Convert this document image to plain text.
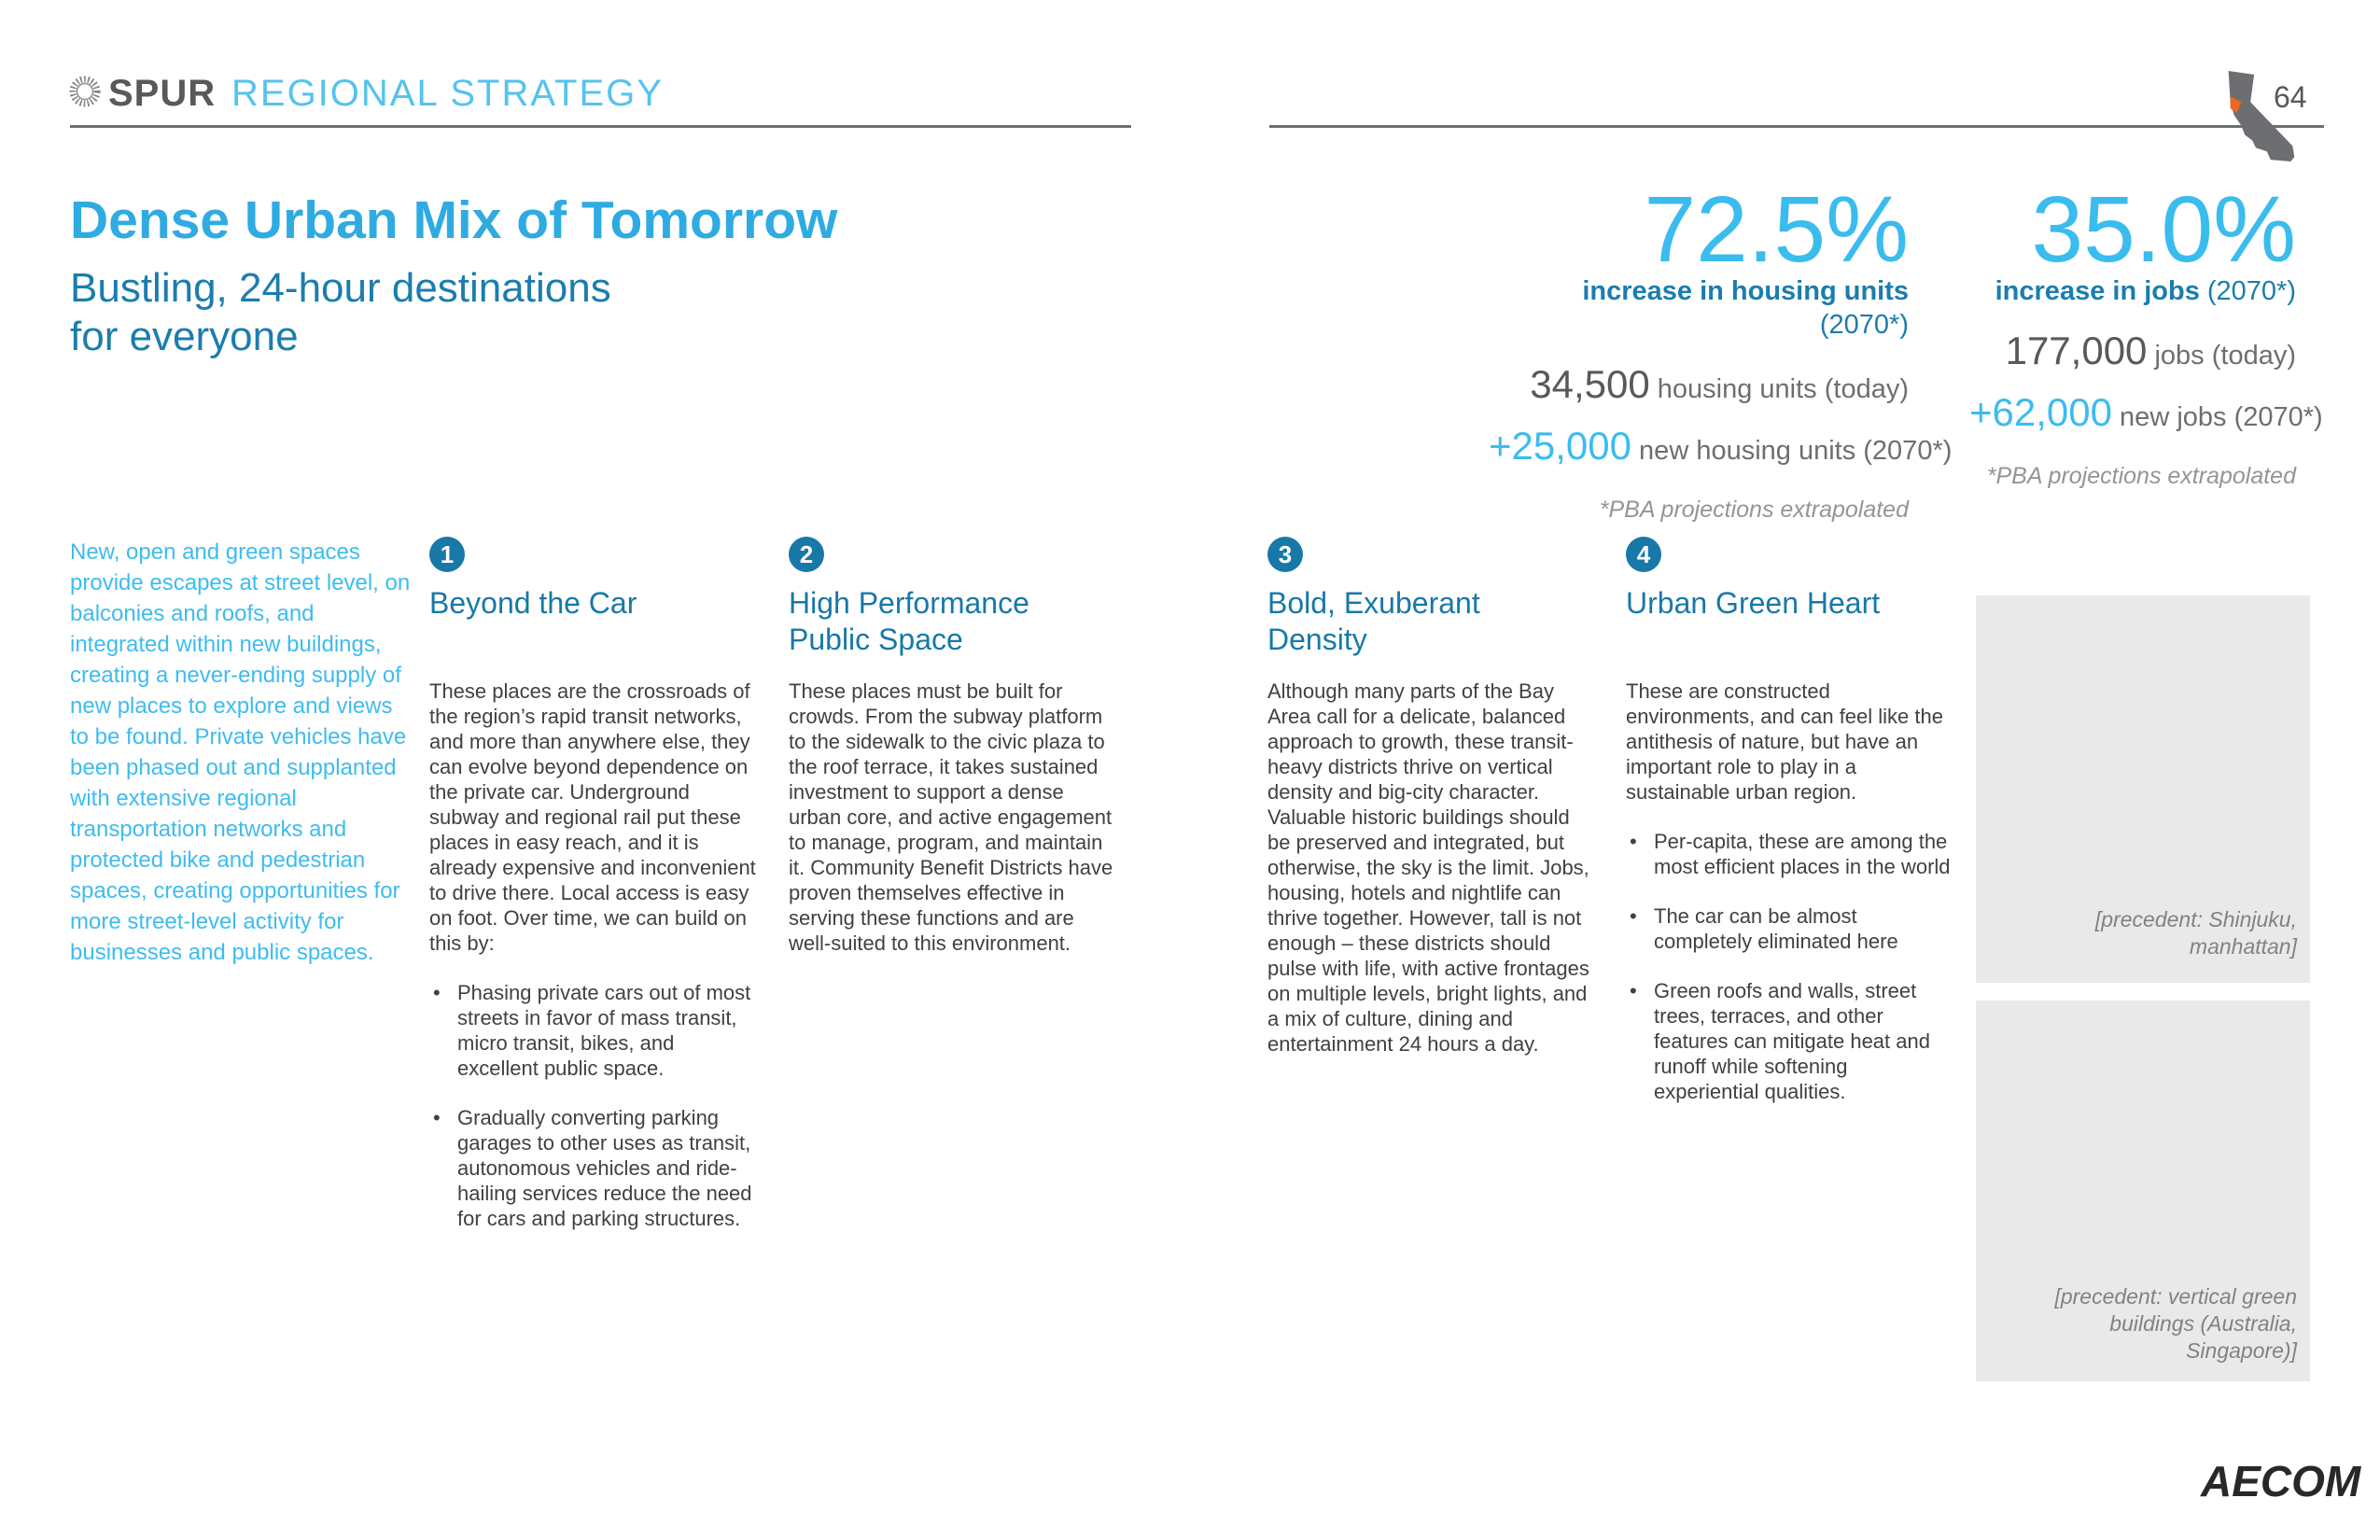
SPUR REGIONAL STRATEGY	64
Dense Urban Mix of Tomorrow
Bustling, 24-hour destinations
for everyone
72.5%
increase in housing units (2070*)
34,500 housing units (today)
+25,000 new housing units (2070*)
*PBA projections extrapolated
35.0%
increase in jobs (2070*)
177,000 jobs (today)
+62,000 new jobs (2070*)
*PBA projections extrapolated
New, open and green spaces provide escapes at street level, on balconies and roofs, and integrated within new buildings, creating a never-ending supply of new places to explore and views to be found. Private vehicles have been phased out and supplanted with extensive regional transportation networks and protected bike and pedestrian spaces, creating opportunities for more street-level activity for businesses and public spaces.
1
Beyond the Car

These places are the crossroads of the region’s rapid transit networks, and more than anywhere else, they can evolve beyond dependence on the private car. Underground subway and regional rail put these places in easy reach, and it is already expensive and inconvenient to drive there. Local access is easy on foot. Over time, we can build on this by:

• Phasing private cars out of most streets in favor of mass transit, micro transit, bikes, and excellent public space.
• Gradually converting parking garages to other uses as transit, autonomous vehicles and ride-hailing services reduce the need for cars and parking structures.
2
High Performance Public Space

These places must be built for crowds. From the subway platform to the sidewalk to the civic plaza to the roof terrace, it takes sustained investment to support a dense urban core, and active engagement to manage, program, and maintain it. Community Benefit Districts have proven themselves effective in serving these functions and are well-suited to this environment.

3
Bold, Exuberant Density

Although many parts of the Bay Area call for a delicate, balanced approach to growth, these transit-heavy districts thrive on vertical density and big-city character. Valuable historic buildings should be preserved and integrated, but otherwise, the sky is the limit. Jobs, housing, hotels and nightlife can thrive together. However, tall is not enough – these districts should pulse with life, with active frontages on multiple levels, bright lights, and a mix of culture, dining and entertainment 24 hours a day.

4
Urban Green Heart

These are constructed environments, and can feel like the antithesis of nature, but have an important role to play in a sustainable urban region.

• Per-capita, these are among the most efficient places in the world
• The car can be almost completely eliminated here
• Green roofs and walls, street trees, terraces, and other features can mitigate heat and runoff while softening experiential qualities.
[precedent: Shinjuku, manhattan]
[precedent: vertical green buildings (Australia, Singapore)]
AECOM
